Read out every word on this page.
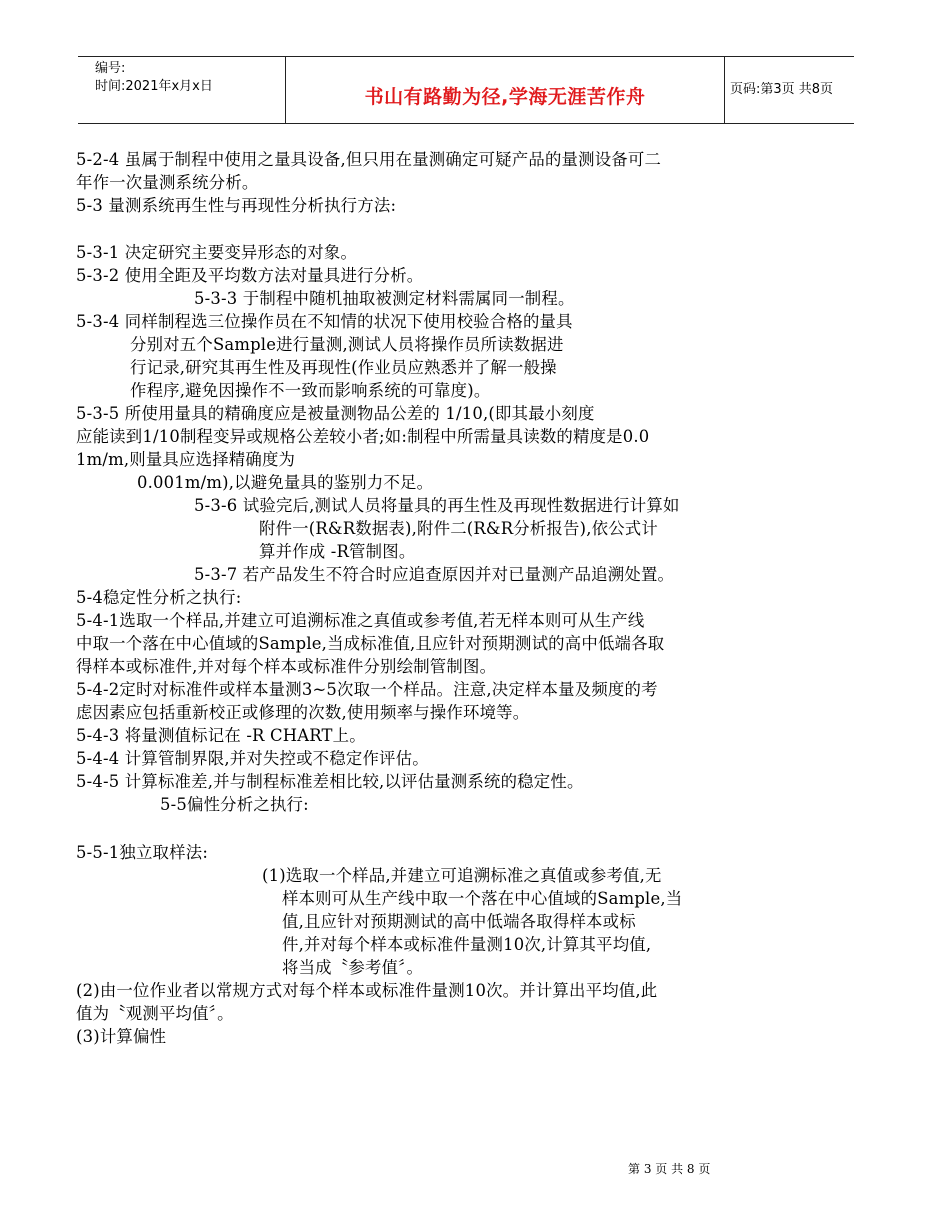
编号:
时间:2021年x月x日	书山有路勤为径,学海无涯苦作舟	页码:第3页 共8页
5-2-4 虽属于制程中使用之量具设备,但只用在量测确定可疑产品的量测设备可二
年作一次量测系统分析。
5-3 量测系统再生性与再现性分析执行方法:
5-3-1 决定研究主要变异形态的对象。
5-3-2 使用全距及平均数方法对量具进行分析。
5-3-3 于制程中随机抽取被测定材料需属同一制程。
5-3-4 同样制程选三位操作员在不知情的状况下使用校验合格的量具
分别对五个Sample进行量测,测试人员将操作员所读数据进
行记录,研究其再生性及再现性(作业员应熟悉并了解一般操
作程序,避免因操作不一致而影响系统的可靠度)。
5-3-5 所使用量具的精确度应是被量测物品公差的 1/10,(即其最小刻度
应能读到1/10制程变异或规格公差较小者;如:制程中所需量具读数的精度是0.0
1m/m,则量具应选择精确度为
0.001m/m),以避免量具的鉴别力不足。
5-3-6 试验完后,测试人员将量具的再生性及再现性数据进行计算如
附件一(R&R数据表),附件二(R&R分析报告),依公式计
算并作成 -R管制图。
5-3-7 若产品发生不符合时应追查原因并对已量测产品追溯处置。
5-4稳定性分析之执行:
5-4-1选取一个样品,并建立可追溯标准之真值或参考值,若无样本则可从生产线
中取一个落在中心值域的Sample,当成标准值,且应针对预期测试的高中低端各取
得样本或标准件,并对每个样本或标准件分别绘制管制图。
5-4-2定时对标准件或样本量测3~5次取一个样品。注意,决定样本量及频度的考
虑因素应包括重新校正或修理的次数,使用频率与操作环境等。
5-4-3 将量测值标记在 -R CHART上。
5-4-4 计算管制界限,并对失控或不稳定作评估。
5-4-5 计算标准差,并与制程标准差相比较,以评估量测系统的稳定性。
5-5偏性分析之执行:
5-5-1独立取样法:
(1)选取一个样品,并建立可追溯标准之真值或参考值,无
样本则可从生产线中取一个落在中心值域的Sample,当
值,且应针对预期测试的高中低端各取得样本或标
件,并对每个样本或标准件量测10次,计算其平均值,
将当成〝参考值〞。
(2)由一位作业者以常规方式对每个样本或标准件量测10次。并计算出平均值,此
值为〝观测平均值〞。
(3)计算偏性
第 3 页 共 8 页
